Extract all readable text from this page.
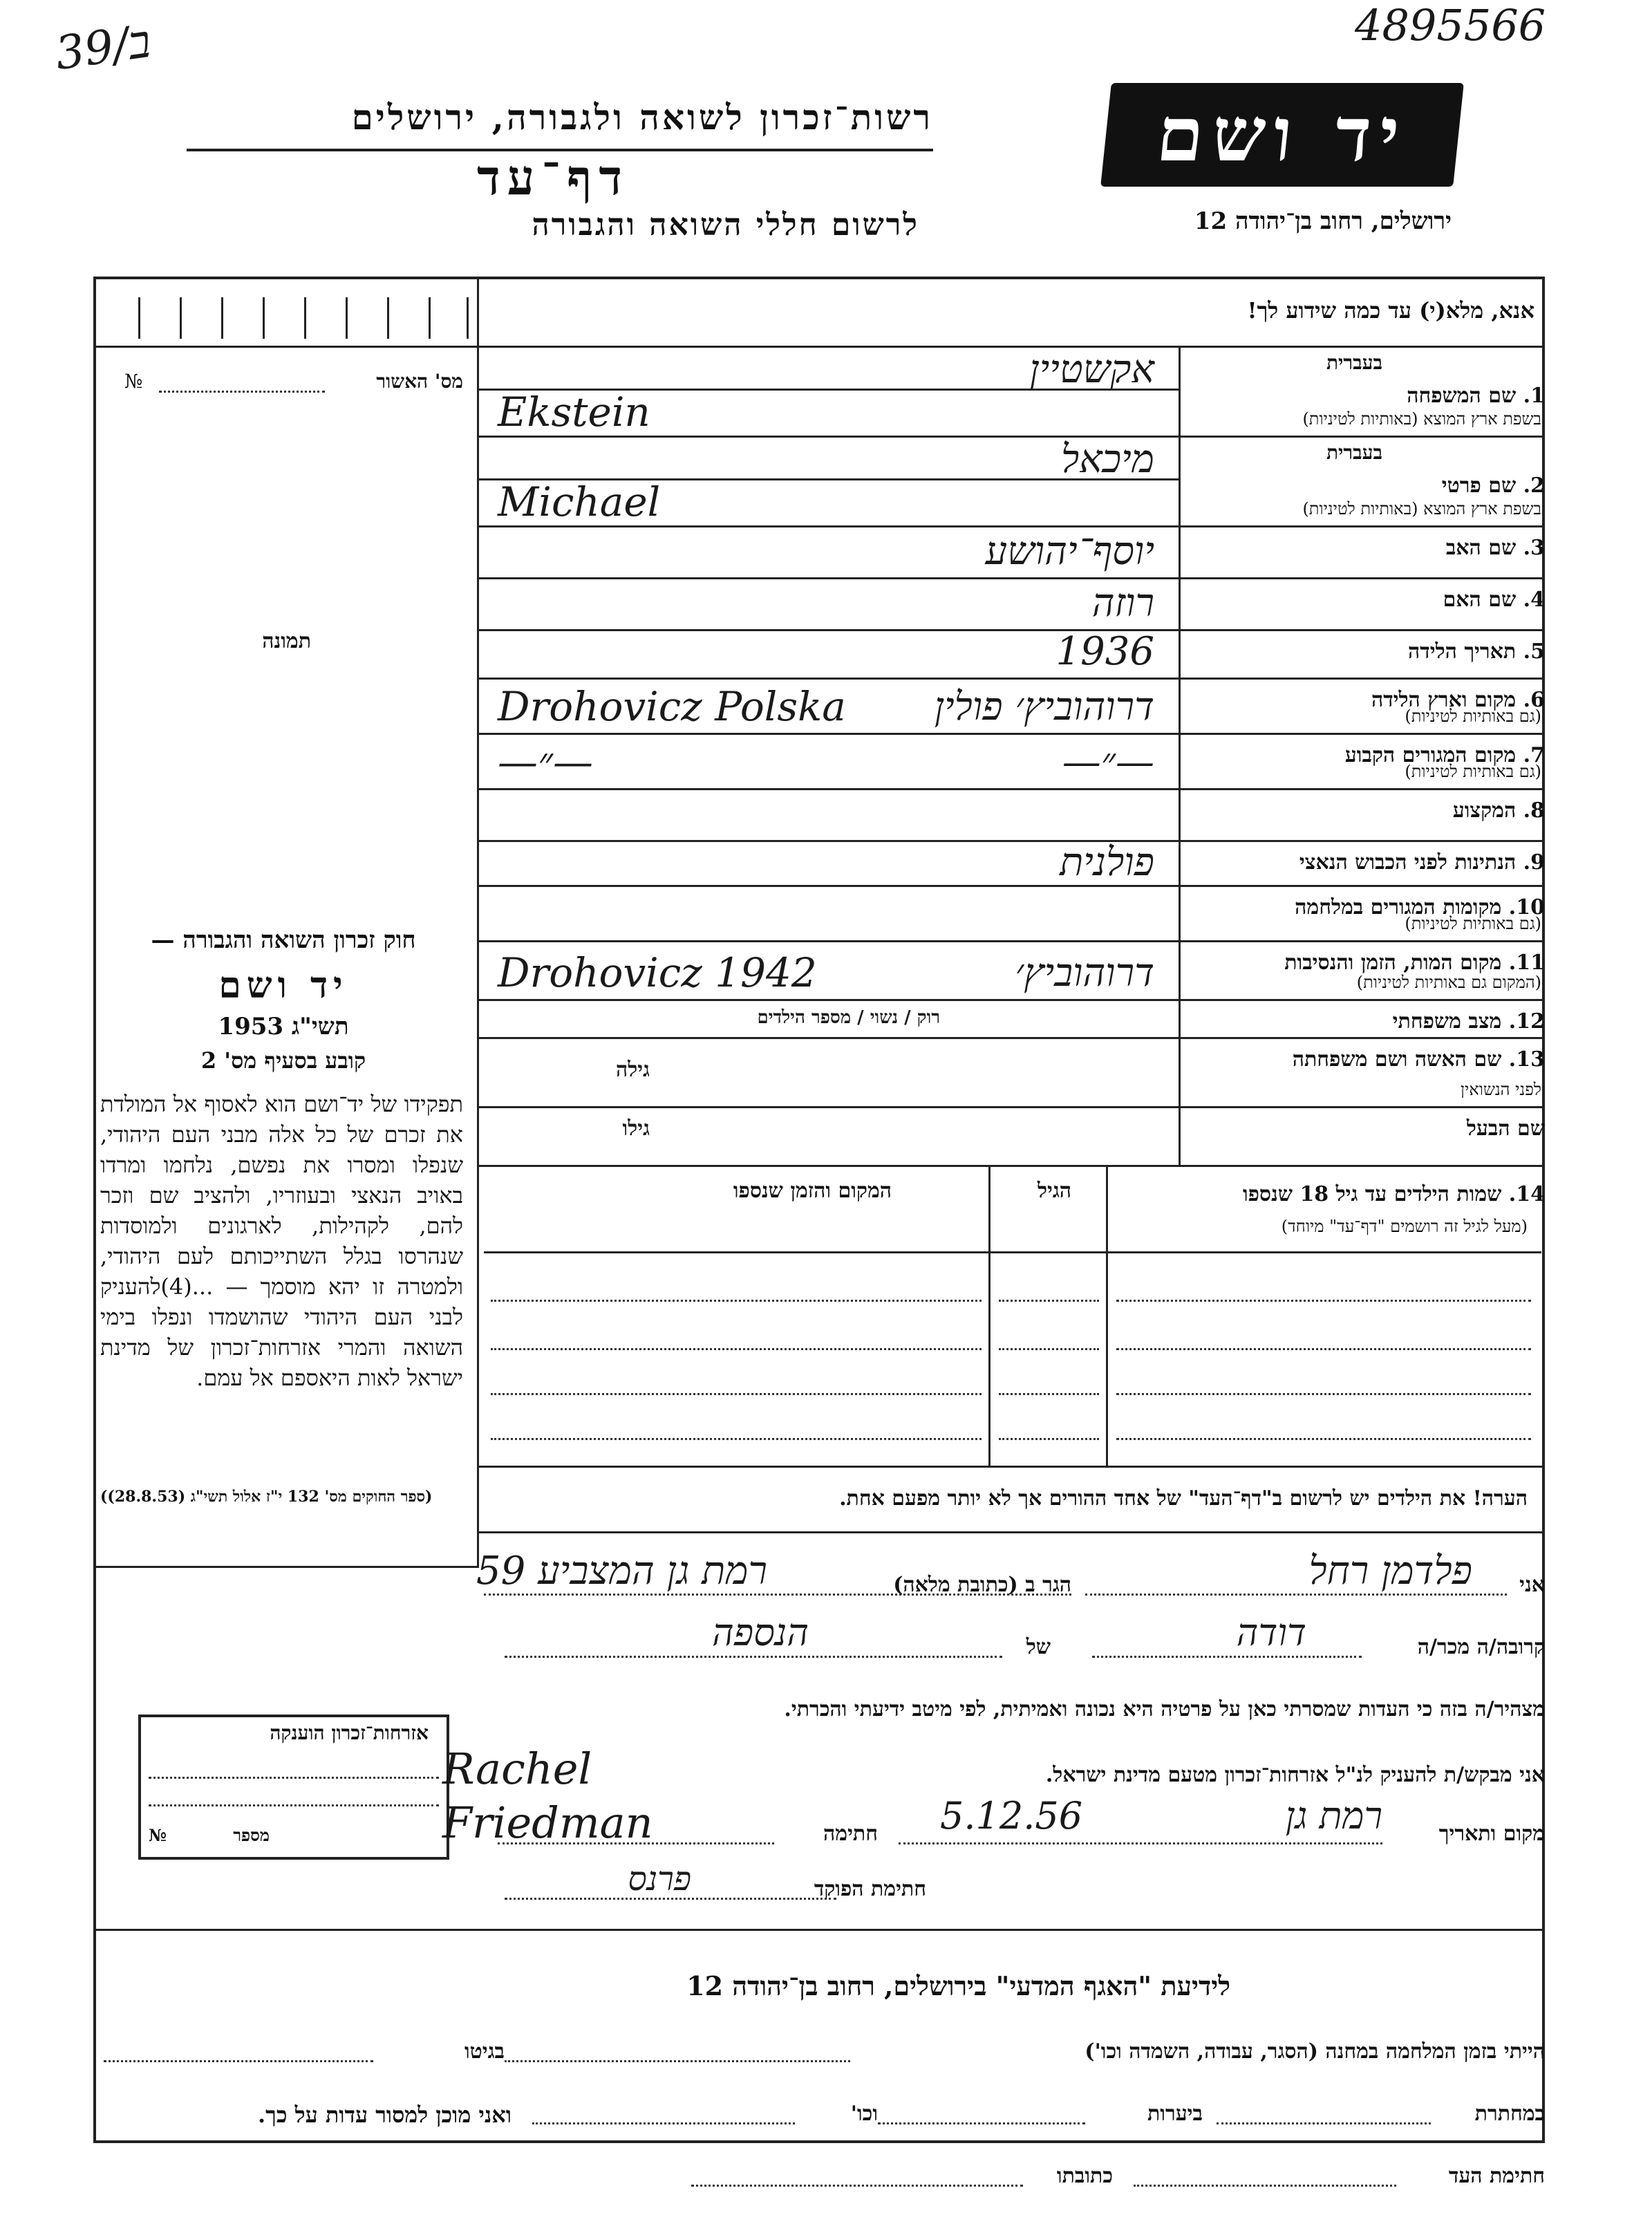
39/ב	4895566
רשות־זכרון לשואה ולגבורה, ירושלים
דף־עד
לרשום חללי השואה והגבורה
יד ושם
ירושלים, רחוב בן־יהודה 12
מס' האשור
№
תמונה
אנא, מלא(י) עד כמה שידוע לך!
1. שם המשפחה
בעברית
בשפת ארץ המוצא (באותיות לטיניות)
אקשטיין
Ekstein
2. שם פרטי
בעברית
בשפת ארץ המוצא (באותיות לטיניות)
מיכאל
Michael
3. שם האב
יוסף־יהושע
4. שם האם
רוזה
5. תאריך הלידה
1936
6. מקום וארץ הלידה
(גם באותיות לטיניות)
דרוהוביץ׳ פולין
Drohovicz Polska
7. מקום המגורים הקבוע
(גם באותיות לטיניות)
—״—
—״—
8. המקצוע
9. הנתינות לפני הכבוש הנאצי
פולנית
10. מקומות המגורים במלחמה
(גם באותיות לטיניות)
11. מקום המות, הזמן והנסיבות
(המקום גם באותיות לטיניות)
דרוהוביץ׳
Drohovicz 1942
12. מצב משפחתי
רוק / נשוי / מספר הילדים
13. שם האשה ושם משפחתה
לפני הנשואין
גילה
שם הבעל
גילו
14. שמות הילדים עד גיל 18 שנספו
(מעל לגיל זה רושמים "דף־עד" מיוחד)
הגיל
המקום והזמן שנספו
הערה! את הילדים יש לרשום ב"דף־העד" של אחד ההורים אך לא יותר מפעם אחת.
חוק זכרון השואה והגבורה —
יד ושם
תשי"ג 1953
קובע בסעיף מס' 2
תפקידו של יד־ושם הוא לאסוף אל המולדת את זכרם של כל אלה מבני העם היהודי, שנפלו ומסרו את נפשם, נלחמו ומרדו באויב הנאצי ובעוזריו, ולהציב שם וזכר להם, לקהילות, לארגונים ולמוסדות שנהרסו בגלל השתייכותם לעם היהודי, ולמטרה זו יהא מוסמך — ...(4)להעניק לבני העם היהודי שהושמדו ונפלו בימי השואה והמרי אזרחות־זכרון של מדינת ישראל לאות היאספם אל עמם.
(ספר החוקים מס' 132 י"ז אלול תשי"ג (28.8.53))
אזרחות־זכרון הוענקה
מספר
№
אני
פלדמן רחל
הגר ב (כתובת מלאה)
רמת גן המצביע 59
קרובה/ה מכר/ה
דודה
של
הנספה
מצהיר/ה בזה כי העדות שמסרתי כאן על פרטיה היא נכונה ואמיתית, לפי מיטב ידיעתי והכרתי.
אני מבקש/ת להעניק לנ"ל אזרחות־זכרון מטעם מדינת ישראל.
Rachel Friedman	מקום ותאריך
רמת גן
5.12.56
חתימה
חתימת הפוקד
פרנס
לידיעת "האגף המדעי" בירושלים, רחוב בן־יהודה 12
הייתי בזמן המלחמה במחנה (הסגר, עבודה, השמדה וכו')
בגיטו
במחתרת
ביערות
וכו'
ואני מוכן למסור עדות על כך.
חתימת העד
כתובתו
